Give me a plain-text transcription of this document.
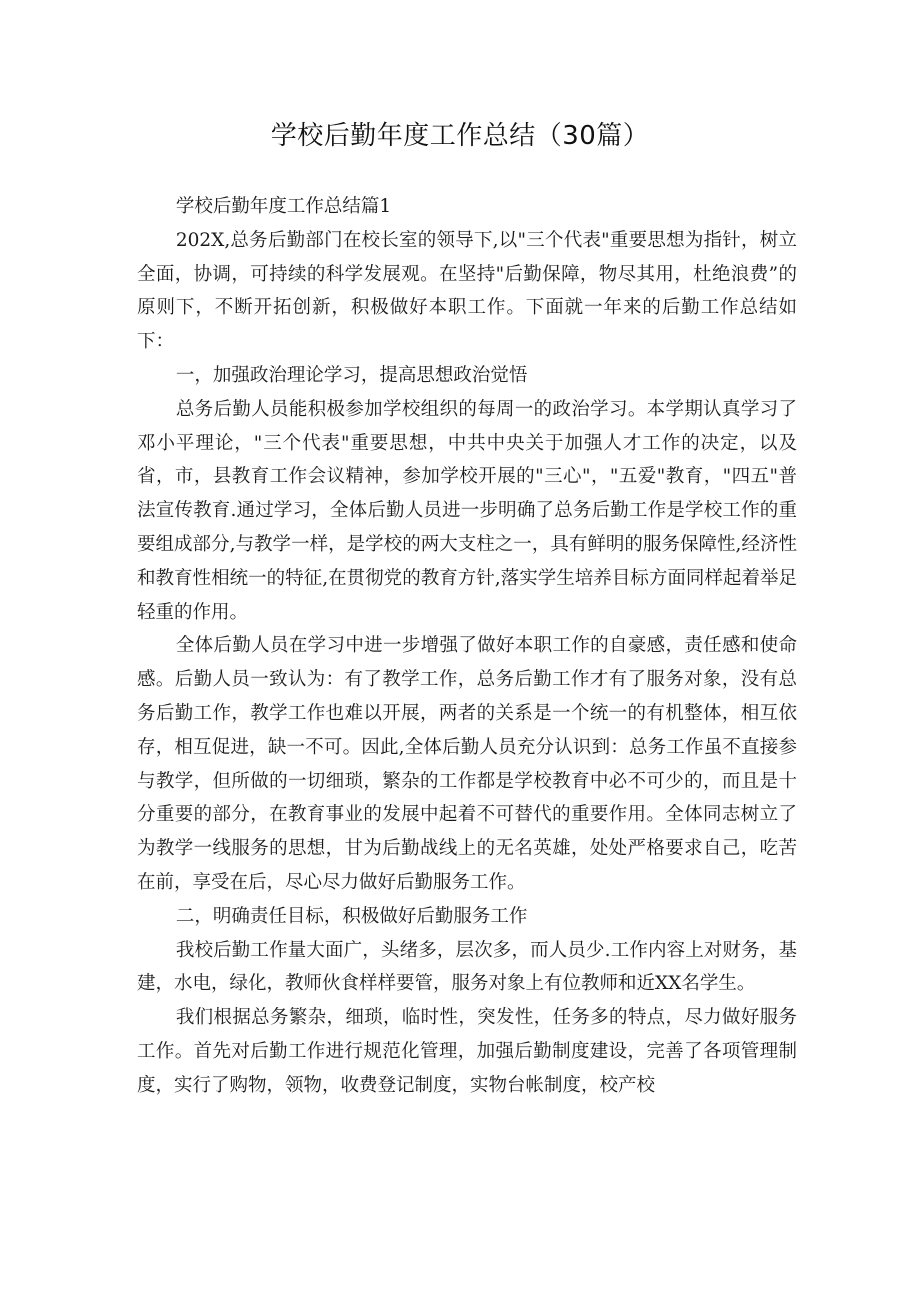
学校后勤年度工作总结（30篇）

学校后勤年度工作总结篇1

202X,总务后勤部门在校长室的领导下,以"三个代表"重要思想为指针，树立全面，协调，可持续的科学发展观。在坚持"后勤保障，物尽其用，杜绝浪费”的原则下，不断开拓创新，积极做好本职工作。下面就一年来的后勤工作总结如下：

一，加强政治理论学习，提高思想政治觉悟

总务后勤人员能积极参加学校组织的每周一的政治学习。本学期认真学习了邓小平理论，"三个代表"重要思想，中共中央关于加强人才工作的决定，以及省，市，县教育工作会议精神，参加学校开展的"三心"，"五爱"教育，"四五"普法宣传教育.通过学习，全体后勤人员进一步明确了总务后勤工作是学校工作的重要组成部分,与教学一样，是学校的两大支柱之一，具有鲜明的服务保障性,经济性和教育性相统一的特征,在贯彻党的教育方针,落实学生培养目标方面同样起着举足轻重的作用。

全体后勤人员在学习中进一步增强了做好本职工作的自豪感，责任感和使命感。后勤人员一致认为：有了教学工作，总务后勤工作才有了服务对象，没有总务后勤工作，教学工作也难以开展，两者的关系是一个统一的有机整体，相互依存，相互促进，缺一不可。因此,全体后勤人员充分认识到：总务工作虽不直接参与教学，但所做的一切细琐，繁杂的工作都是学校教育中必不可少的，而且是十分重要的部分，在教育事业的发展中起着不可替代的重要作用。全体同志树立了为教学一线服务的思想，甘为后勤战线上的无名英雄，处处严格要求自己，吃苦在前，享受在后，尽心尽力做好后勤服务工作。

二，明确责任目标，积极做好后勤服务工作

我校后勤工作量大面广，头绪多，层次多，而人员少.工作内容上对财务，基建，水电，绿化，教师伙食样样要管，服务对象上有位教师和近XX名学生。

我们根据总务繁杂，细琐，临时性，突发性，任务多的特点，尽力做好服务工作。首先对后勤工作进行规范化管理，加强后勤制度建设，完善了各项管理制度，实行了购物，领物，收费登记制度，实物台帐制度，校产校
